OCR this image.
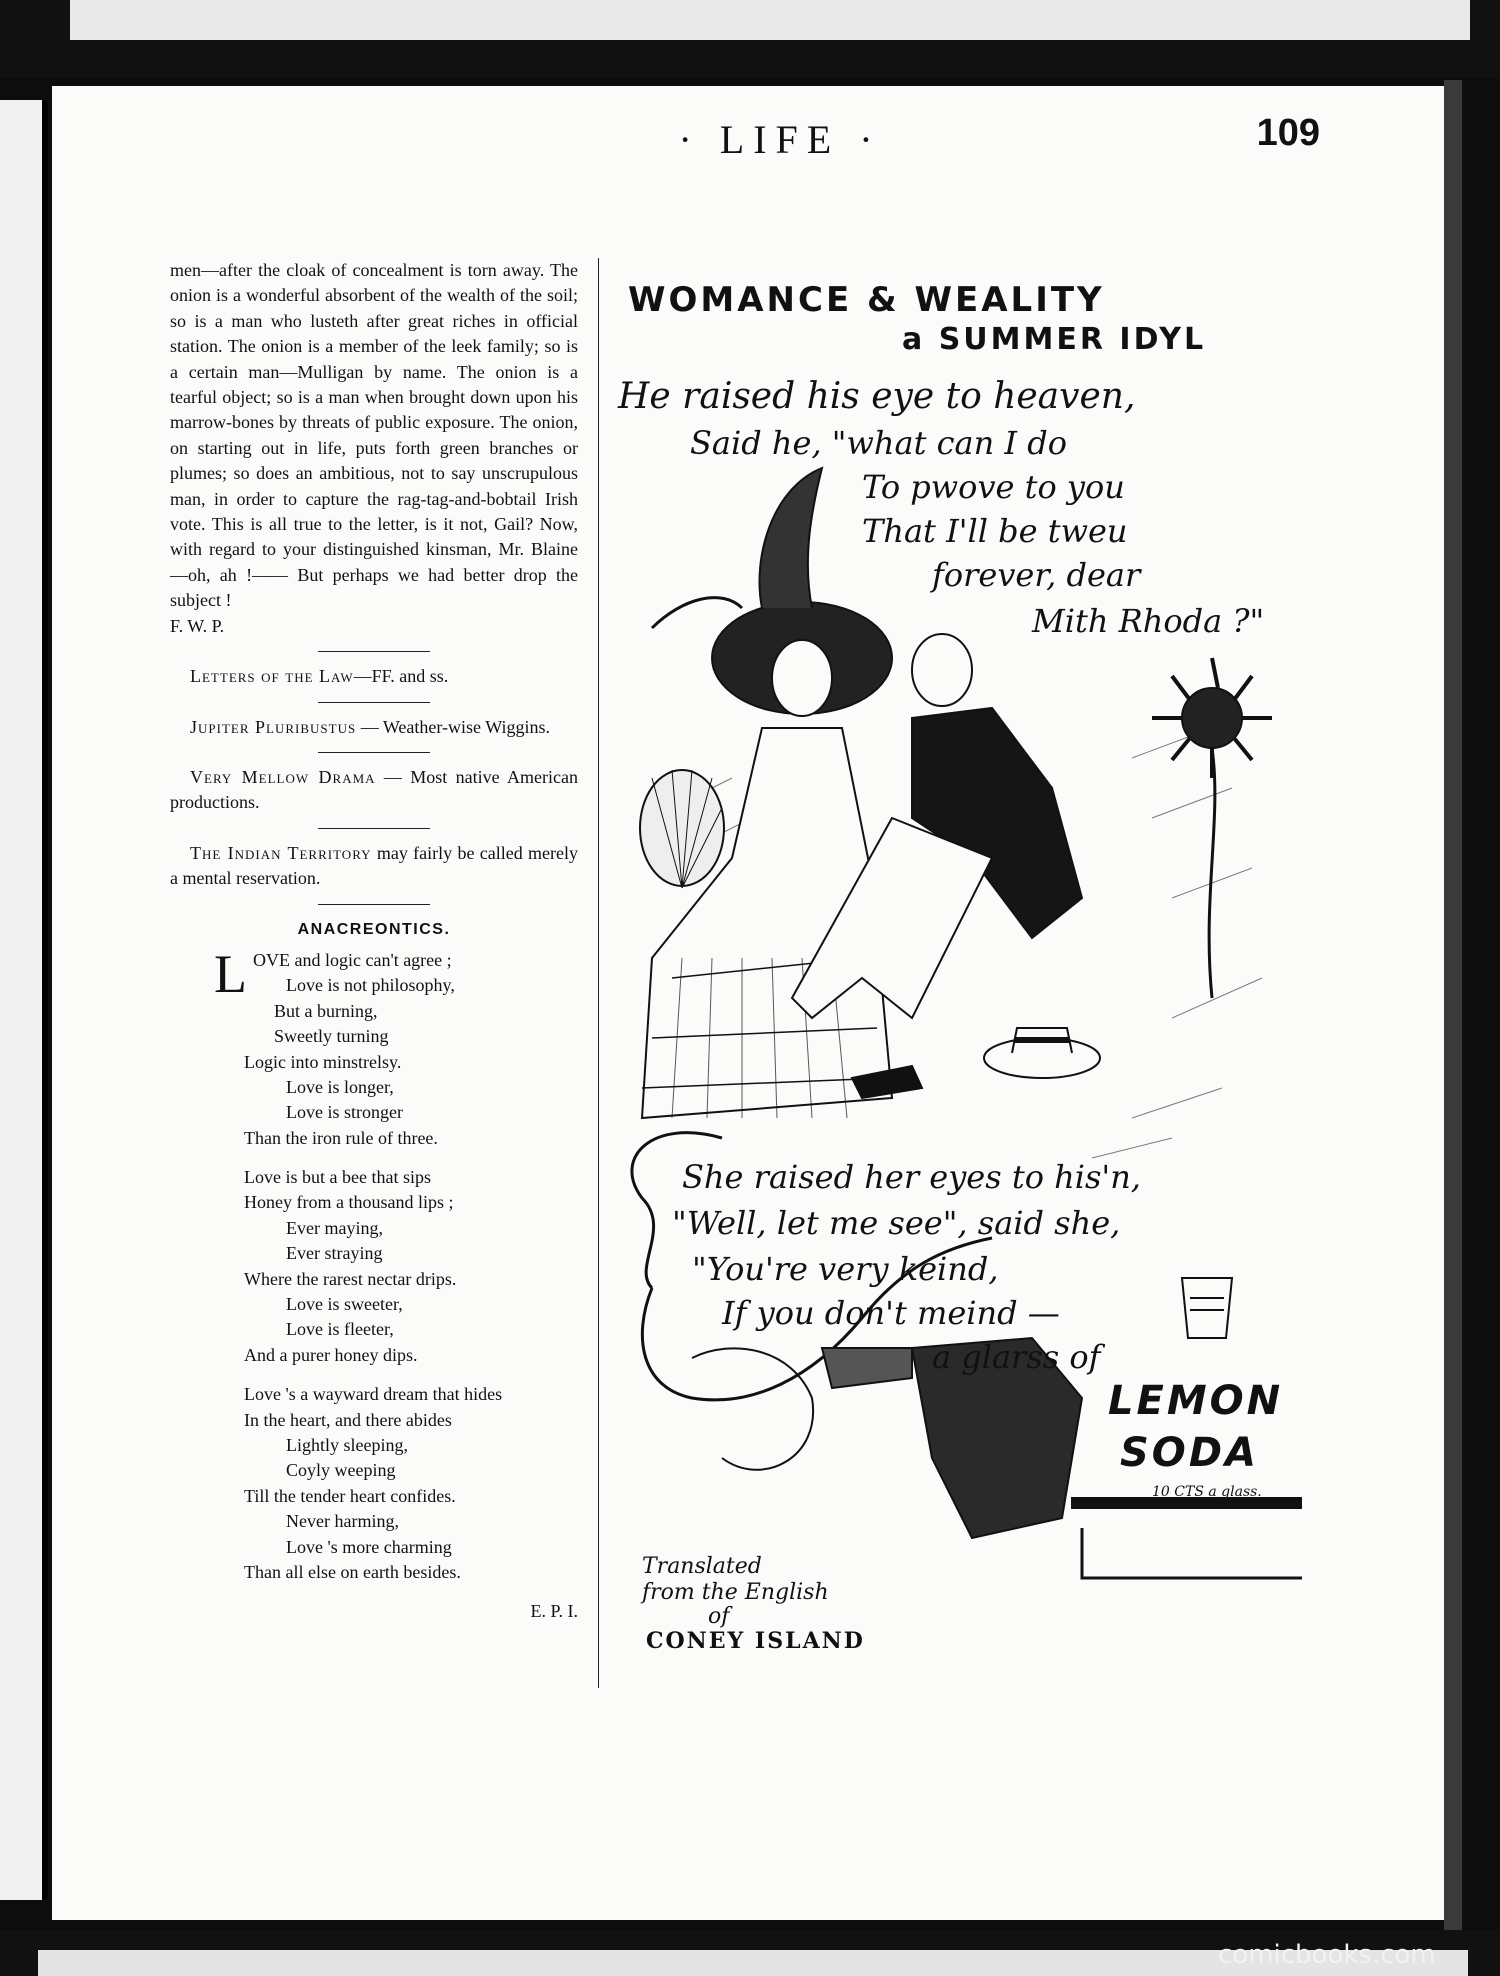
· LIFE ·	109

men—after the cloak of concealment is torn away. The onion is a wonderful absorbent of the wealth of the soil; so is a man who lusteth after great riches in official station. The onion is a member of the leek family; so is a certain man—Mulligan by name. The onion is a tearful object; so is a man when brought down upon his marrow-bones by threats of public exposure. The onion, on starting out in life, puts forth green branches or plumes; so does an ambitious, not to say unscrupulous man, in order to capture the rag-tag-and-bobtail Irish vote. This is all true to the letter, is it not, Gail? Now, with regard to your distinguished kinsman, Mr. Blaine—oh, ah !—— But perhaps we had better drop the subject !

F. W. P.

Letters of the Law—FF. and ss.

Jupiter Pluribustus — Weather-wise Wiggins.

Very Mellow Drama — Most native American productions.

The Indian Territory may fairly be called merely a mental reservation.

ANACREONTICS.
L OVE and logic can't agree ;
Love is not philosophy,
But a burning,
Sweetly turning
Logic into minstrelsy.
Love is longer,
Love is stronger
Than the iron rule of three.
Love is but a bee that sips
Honey from a thousand lips ;
Ever maying,
Ever straying
Where the rarest nectar drips.
Love is sweeter,
Love is fleeter,
And a purer honey dips.
Love 's a wayward dream that hides
In the heart, and there abides
Lightly sleeping,
Coyly weeping
Till the tender heart confides.
Never harming,
Love 's more charming
Than all else on earth besides.
E. P. I.
WOMANCE & WEALITY
a SUMMER IDYL
He raised his eye to heaven,
Said he, "what can I do
To pwove to you
That I'll be tweu
forever, dear
Mith Rhoda ?"
She raised her eyes to his'n,
"Well, let me see", said she,
"You're very keind,
If you don't meind —
a glarss of
LEMON
SODA
10 CTS a glass.
Translated
from the English
of
CONEY ISLAND
comicbooks.com
